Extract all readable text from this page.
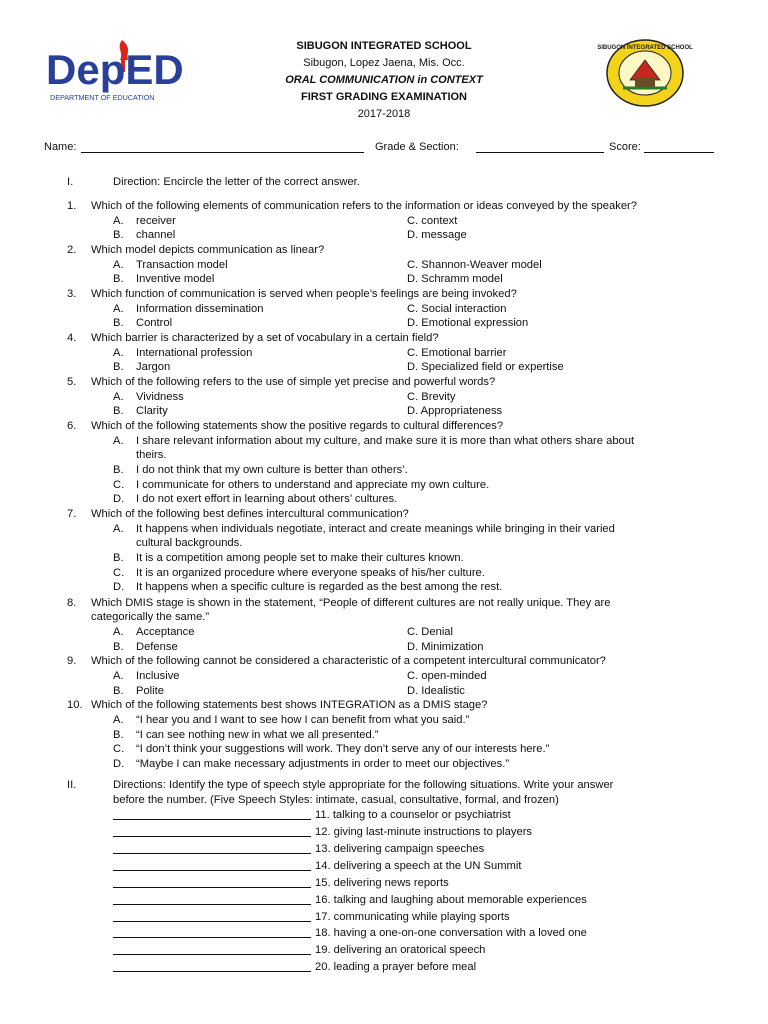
DepED
DEPARTMENT OF EDUCATION
SIBUGON INTEGRATED SCHOOL
Sibugon, Lopez Jaena, Mis. Occ.
ORAL COMMUNICATION in CONTEXT
FIRST GRADING EXAMINATION
2017-2018
SIBUGON INTEGRATED SCHOOL
Name:	Grade & Section:	Score:
I.	Direction: Encircle the letter of the correct answer.
1. Which of the following elements of communication refers to the information or ideas conveyed by the speaker?
A. receiver	C. context
B. channel	D. message
2. Which model depicts communication as linear?
A. Transaction model	C. Shannon-Weaver model
B. Inventive model	D. Schramm model
3. Which function of communication is served when people’s feelings are being invoked?
A. Information dissemination	C. Social interaction
B. Control	D. Emotional expression
4. Which barrier is characterized by a set of vocabulary in a certain field?
A. International profession	C. Emotional barrier
B. Jargon	D. Specialized field or expertise
5. Which of the following refers to the use of simple yet precise and powerful words?
A. Vividness	C. Brevity
B. Clarity	D. Appropriateness
6. Which of the following statements show the positive regards to cultural differences?
A. I share relevant information about my culture, and make sure it is more than what others share about
theirs.
B. I do not think that my own culture is better than others’.
C. I communicate for others to understand and appreciate my own culture.
D. I do not exert effort in learning about others’ cultures.
7. Which of the following best defines intercultural communication?
A. It happens when individuals negotiate, interact and create meanings while bringing in their varied
cultural backgrounds.
B. It is a competition among people set to make their cultures known.
C. It is an organized procedure where everyone speaks of his/her culture.
D. It happens when a specific culture is regarded as the best among the rest.
8. Which DMIS stage is shown in the statement, “People of different cultures are not really unique. They are
categorically the same.”
A. Acceptance	C. Denial
B. Defense	D. Minimization
9. Which of the following cannot be considered a characteristic of a competent intercultural communicator?
A. Inclusive	C. open-minded
B. Polite	D. Idealistic
10. Which of the following statements best shows INTEGRATION as a DMIS stage?
A. “I hear you and I want to see how I can benefit from what you said.”
B. “I can see nothing new in what we all presented.”
C. “I don’t think your suggestions will work. They don’t serve any of our interests here.”
D. “Maybe I can make necessary adjustments in order to meet our objectives.”
II.	Directions: Identify the type of speech style appropriate for the following situations. Write your answer
before the number. (Five Speech Styles: intimate, casual, consultative, formal, and frozen)
11. talking to a counselor or psychiatrist
12. giving last-minute instructions to players
13. delivering campaign speeches
14. delivering a speech at the UN Summit
15. delivering news reports
16. talking and laughing about memorable experiences
17. communicating while playing sports
18. having a one-on-one conversation with a loved one
19. delivering an oratorical speech
20. leading a prayer before meal
